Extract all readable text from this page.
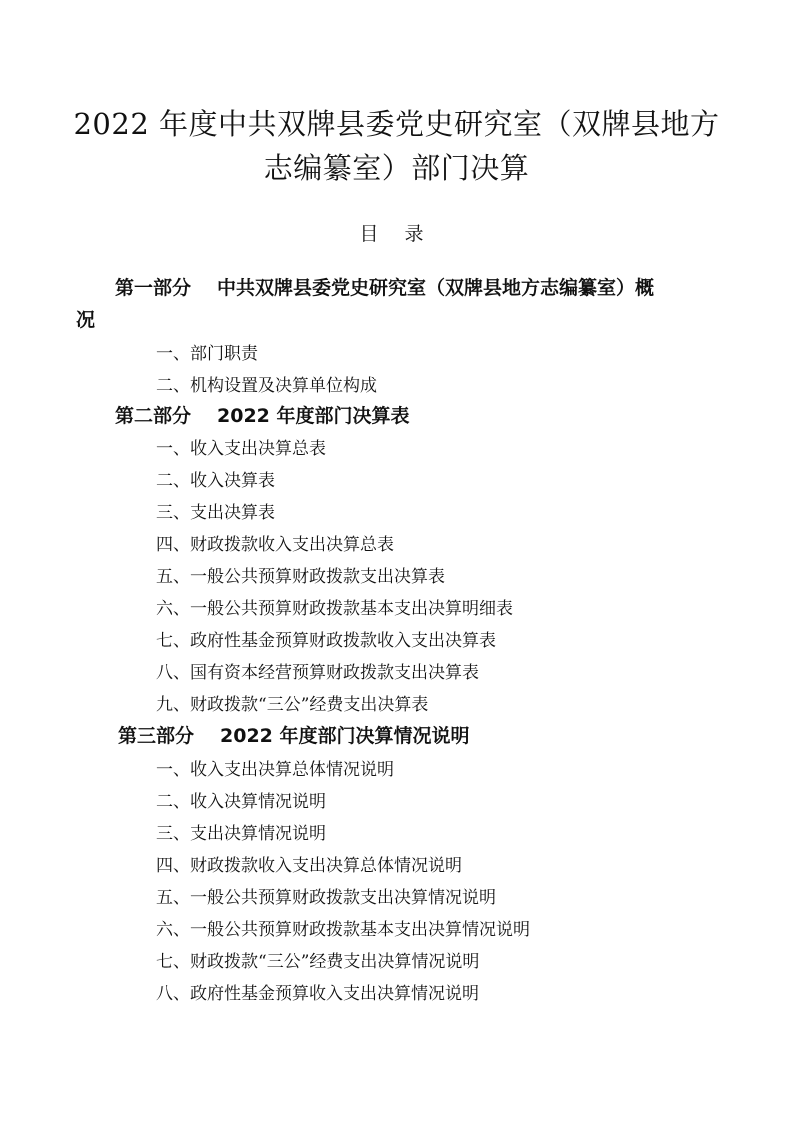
2022 年度中共双牌县委党史研究室（双牌县地方
志编纂室）部门决算
目 录
第一部分 中共双牌县委党史研究室（双牌县地方志编纂室）概
况
一、部门职责
二、机构设置及决算单位构成
第二部分 2022 年度部门决算表
一、收入支出决算总表
二、收入决算表
三、支出决算表
四、财政拨款收入支出决算总表
五、一般公共预算财政拨款支出决算表
六、一般公共预算财政拨款基本支出决算明细表
七、政府性基金预算财政拨款收入支出决算表
八、国有资本经营预算财政拨款支出决算表
九、财政拨款“三公”经费支出决算表
第三部分 2022 年度部门决算情况说明
一、收入支出决算总体情况说明
二、收入决算情况说明
三、支出决算情况说明
四、财政拨款收入支出决算总体情况说明
五、一般公共预算财政拨款支出决算情况说明
六、一般公共预算财政拨款基本支出决算情况说明
七、财政拨款“三公”经费支出决算情况说明
八、政府性基金预算收入支出决算情况说明
